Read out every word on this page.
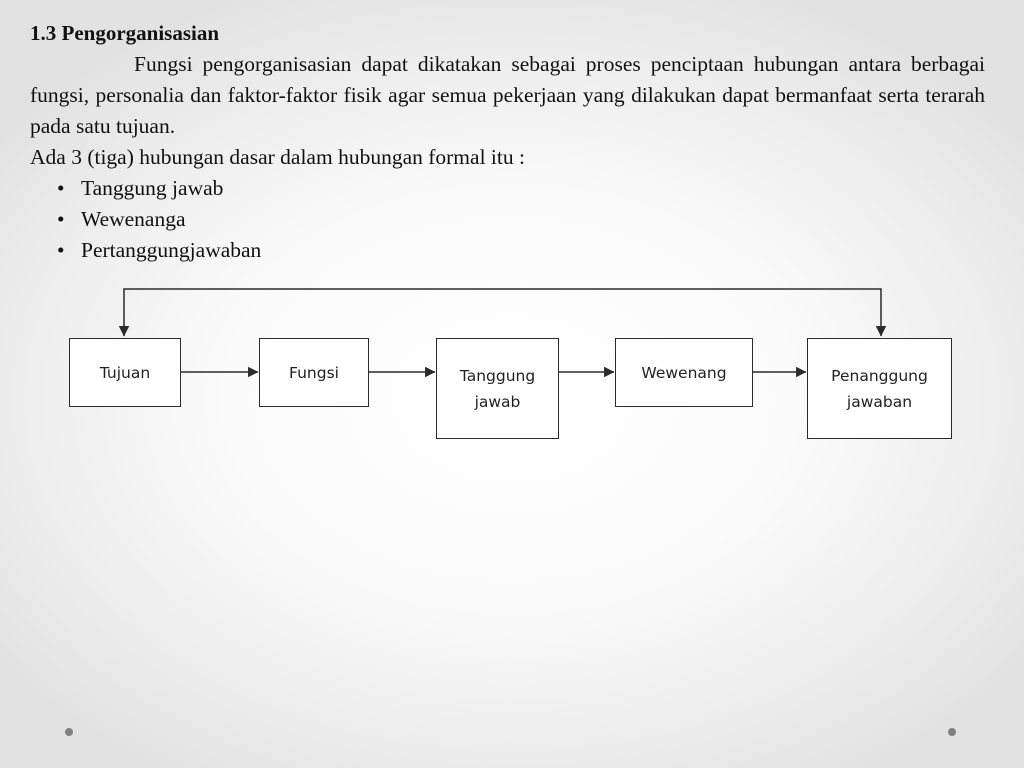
1.3 Pengorganisasian

Fungsi pengorganisasian dapat dikatakan sebagai proses penciptaan hubungan antara berbagai fungsi, personalia dan faktor-faktor fisik agar semua pekerjaan yang dilakukan dapat bermanfaat serta terarah pada satu tujuan.

Ada 3 (tiga) hubungan dasar dalam hubungan formal itu :

• Tanggung jawab
• Wewenanga
• Pertanggungjawaban
Tujuan	Fungsi	Tanggung
jawab
Wewenang	Penanggung
jawaban
